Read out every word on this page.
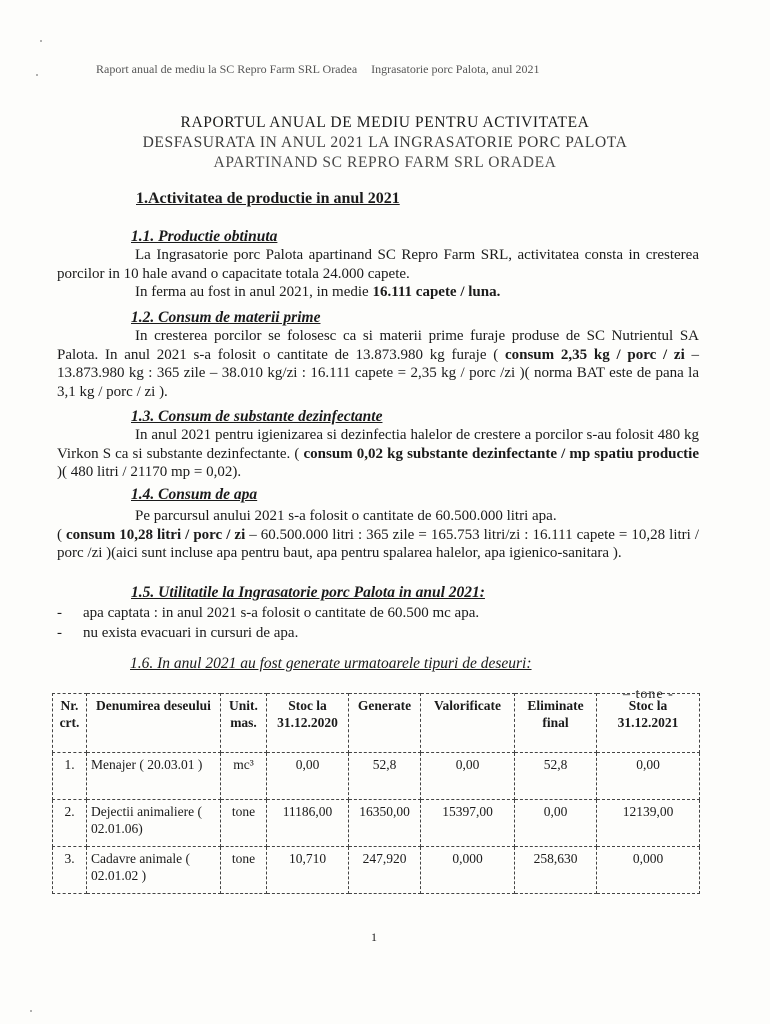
Raport anual de mediu la SC Repro Farm SRL Oradea Ingrasatorie porc Palota, anul 2021
RAPORTUL ANUAL DE MEDIU PENTRU ACTIVITATEA
DESFASURATA IN ANUL 2021 LA INGRASATORIE PORC PALOTA
APARTINAND SC REPRO FARM SRL ORADEA
1.Activitatea de productie in anul 2021
1.1. Productie obtinuta
La Ingrasatorie porc Palota apartinand SC Repro Farm SRL, activitatea consta in cresterea porcilor in 10 hale avand o capacitate totala 24.000 capete.
In ferma au fost in anul 2021, in medie 16.111 capete / luna.
1.2. Consum de materii prime
In cresterea porcilor se folosesc ca si materii prime furaje produse de SC Nutrientul SA Palota. In anul 2021 s-a folosit o cantitate de 13.873.980 kg furaje ( consum 2,35 kg / porc / zi – 13.873.980 kg : 365 zile – 38.010 kg/zi : 16.111 capete = 2,35 kg / porc /zi )( norma BAT este de pana la 3,1 kg / porc / zi ).
1.3. Consum de substante dezinfectante
In anul 2021 pentru igienizarea si dezinfectia halelor de crestere a porcilor s-au folosit 480 kg Virkon S ca si substante dezinfectante. ( consum 0,02 kg substante dezinfectante / mp spatiu productie )( 480 litri / 21170 mp = 0,02).
1.4. Consum de apa
Pe parcursul anului 2021 s-a folosit o cantitate de 60.500.000 litri apa.
( consum 10,28 litri / porc / zi – 60.500.000 litri : 365 zile = 165.753 litri/zi : 16.111 capete = 10,28 litri / porc /zi )(aici sunt incluse apa pentru baut, apa pentru spalarea halelor, apa igienico-sanitara ).
1.5. Utilitatile la Ingrasatorie porc Palota in anul 2021:
- apa captata : in anul 2021 s-a folosit o cantitate de 60.500 mc apa.
- nu exista evacuari in cursuri de apa.
1.6. In anul 2021 au fost generate urmatoarele tipuri de deseuri:
– tone -
Nr. crt.	Denumirea deseului	Unit. mas.	Stoc la 31.12.2020	Generate	Valorificate	Eliminate final	Stoc la 31.12.2021
1.	Menajer ( 20.03.01 )	mc³	0,00	52,8	0,00	52,8	0,00
2.	Dejectii animaliere ( 02.01.06)	tone	11186,00	16350,00	15397,00	0,00	12139,00
3.	Cadavre animale ( 02.01.02 )	tone	10,710	247,920	0,000	258,630	0,000
1
